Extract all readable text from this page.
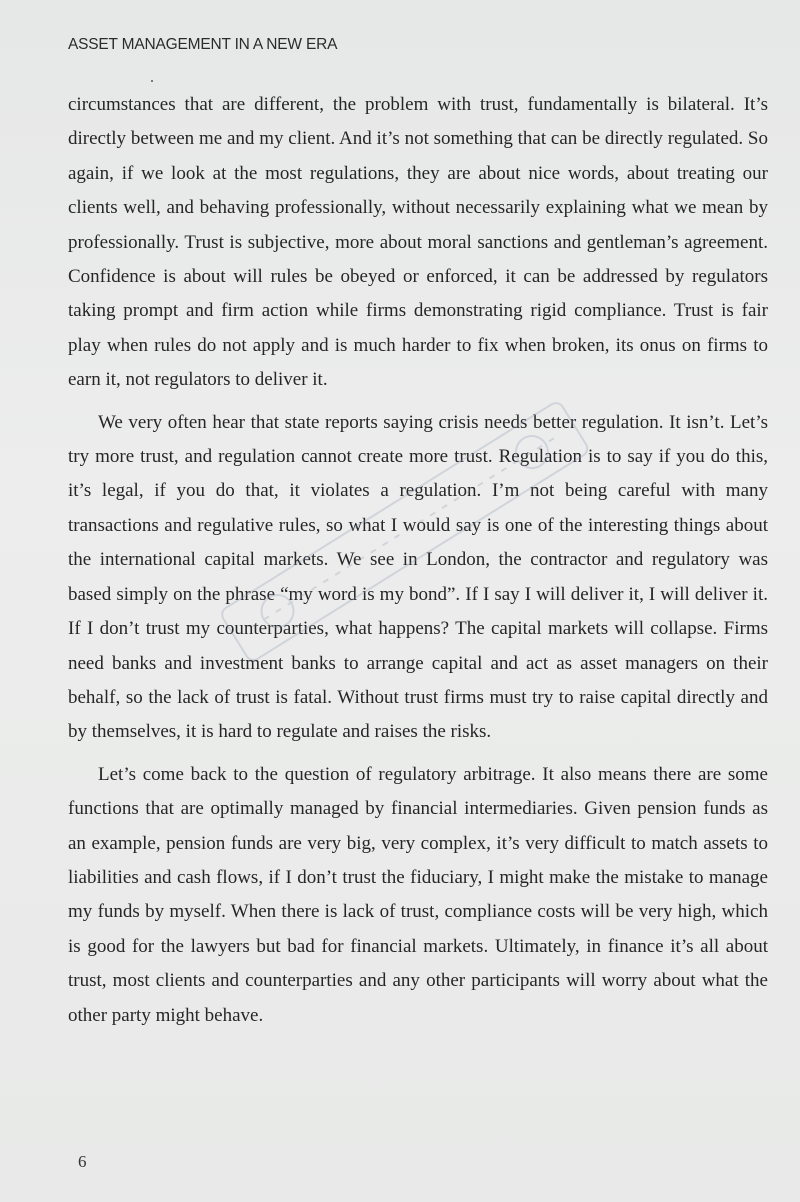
ASSET MANAGEMENT IN A NEW ERA

circumstances that are different, the problem with trust, fundamentally is bilateral. It’s directly between me and my client. And it’s not something that can be directly regulated. So again, if we look at the most regulations, they are about nice words, about treating our clients well, and behaving professionally, without necessarily explaining what we mean by professionally. Trust is subjective, more about moral sanctions and gentleman’s agreement. Confidence is about will rules be obeyed or enforced, it can be addressed by regulators taking prompt and firm action while firms demonstrating rigid compliance. Trust is fair play when rules do not apply and is much harder to fix when broken, its onus on firms to earn it, not regulators to deliver it.

We very often hear that state reports saying crisis needs better regulation. It isn’t. Let’s try more trust, and regulation cannot create more trust. Regulation is to say if you do this, it’s legal, if you do that, it violates a regulation. I’m not being careful with many transactions and regulative rules, so what I would say is one of the interesting things about the international capital markets. We see in London, the contractor and regulatory was based simply on the phrase “my word is my bond”. If I say I will deliver it, I will deliver it. If I don’t trust my counterparties, what happens? The capital markets will collapse. Firms need banks and investment banks to arrange capital and act as asset managers on their behalf, so the lack of trust is fatal. Without trust firms must try to raise capital directly and by themselves, it is hard to regulate and raises the risks.

Let’s come back to the question of regulatory arbitrage. It also means there are some functions that are optimally managed by financial intermediaries. Given pension funds as an example, pension funds are very big, very complex, it’s very difficult to match assets to liabilities and cash flows, if I don’t trust the fiduciary, I might make the mistake to manage my funds by myself. When there is lack of trust, compliance costs will be very high, which is good for the lawyers but bad for financial markets. Ultimately, in finance it’s all about trust, most clients and counterparties and any other participants will worry about what the other party might behave.

6
